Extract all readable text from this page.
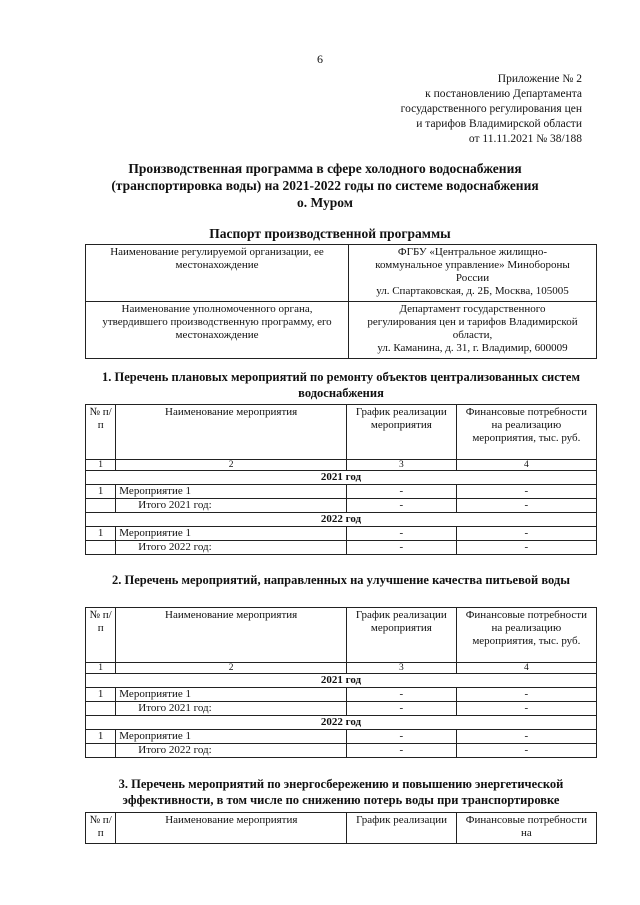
6
Приложение № 2
к постановлению Департамента
государственного регулирования цен
и тарифов Владимирской области
от 11.11.2021 № 38/188
Производственная программа в сфере холодного водоснабжения
(транспортировка воды) на 2021-2022 годы по системе водоснабжения
о. Муром
Паспорт производственной программы
Наименование регулируемой организации, ее местонахождение	ФГБУ «Центральное жилищно-
коммунальное управление» Минобороны
России
ул. Спартаковская, д. 2Б, Москва, 105005

Наименование уполномоченного органа, утвердившего производственную программу, его местонахождение	Департамент государственного
регулирования цен и тарифов Владимирской
области,
ул. Каманина, д. 31, г. Владимир, 600009
1. Перечень плановых мероприятий по ремонту объектов централизованных систем водоснабжения
№ п/п	Наименование мероприятия	График реализации мероприятия	Финансовые потребности на реализацию мероприятия, тыс. руб.
1	2	3	4
2021 год			
1	Мероприятие 1	-	-
	Итого 2021 год:	-	-
2022 год			
1	Мероприятие 1	-	-
	Итого 2022 год:	-	-
2. Перечень мероприятий, направленных на улучшение качества питьевой воды
№ п/п	Наименование мероприятия	График реализации мероприятия	Финансовые потребности на реализацию мероприятия, тыс. руб.
1	2	3	4
2021 год			
1	Мероприятие 1	-	-
	Итого 2021 год:	-	-
2022 год			
1	Мероприятие 1	-	-
	Итого 2022 год:	-	-
3. Перечень мероприятий по энергосбережению и повышению энергетической эффективности, в том числе по снижению потерь воды при транспортировке
№ п/п	Наименование мероприятия	График реализации	Финансовые потребности на
